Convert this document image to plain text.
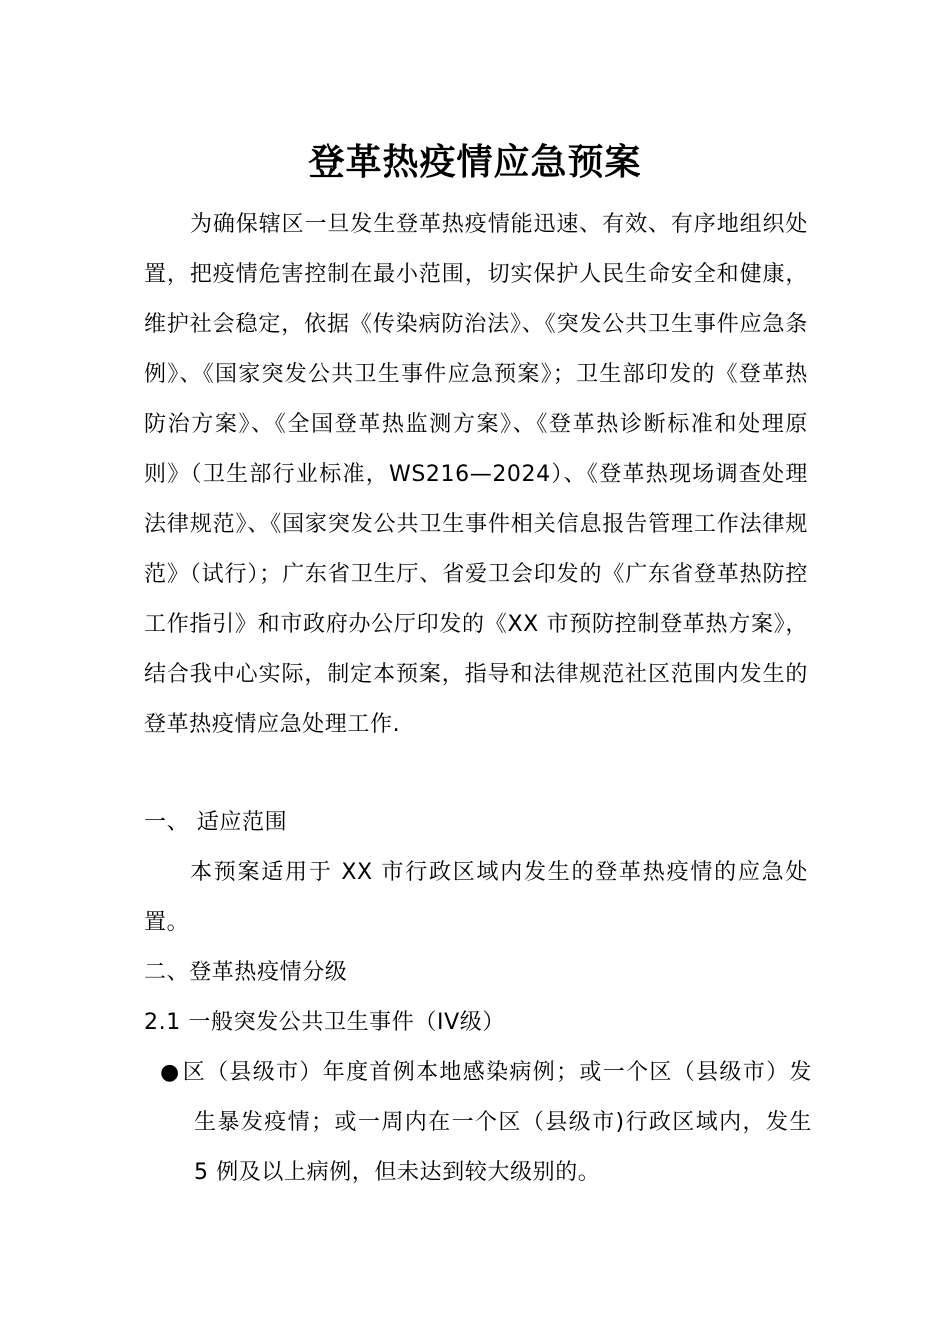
登革热疫情应急预案
为确保辖区一旦发生登革热疫情能迅速、有效、有序地组织处置，把疫情危害控制在最小范围，切实保护人民生命安全和健康，维护社会稳定，依据《传染病防治法》、《突发公共卫生事件应急条例》、《国家突发公共卫生事件应急预案》；卫生部印发的《登革热防治方案》、《全国登革热监测方案》、《登革热诊断标准和处理原则》（卫生部行业标准，WS216—2024）、《登革热现场调查处理法律规范》、《国家突发公共卫生事件相关信息报告管理工作法律规范》（试行）；广东省卫生厅、省爱卫会印发的《广东省登革热防控工作指引》和市政府办公厅印发的《XX 市预防控制登革热方案》，结合我中心实际，制定本预案，指导和法律规范社区范围内发生的登革热疫情应急处理工作.
一、 适应范围
本预案适用于 XX 市行政区域内发生的登革热疫情的应急处置。
二、登革热疫情分级
2.1 一般突发公共卫生事件（IV级）
● 区（县级市）年度首例本地感染病例；或一个区（县级市）发生暴发疫情；或一周内在一个区（县级市)行政区域内，发生 5 例及以上病例，但未达到较大级别的。
